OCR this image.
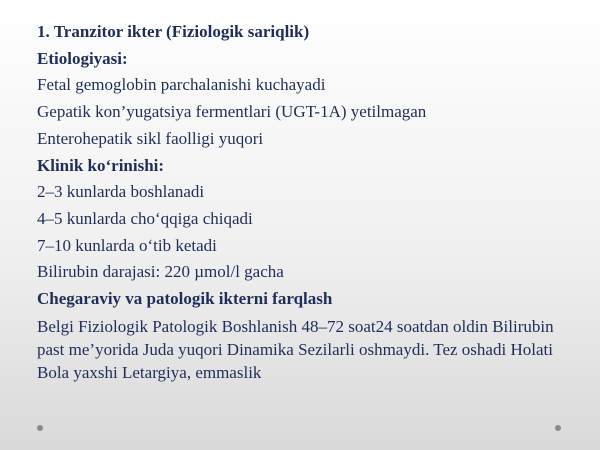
1. Tranzitor ikter (Fiziologik sariqlik)
Etiologiyasi:
Fetal gemoglobin parchalanishi kuchayadi
Gepatik kon’yugatsiya fermentlari (UGT-1A) yetilmagan
Enterohepatik sikl faolligi yuqori
Klinik ko‘rinishi:
2–3 kunlarda boshlanadi
4–5 kunlarda cho‘qqiga chiqadi
7–10 kunlarda o‘tib ketadi
Bilirubin darajasi: 220 µmol/l gacha
Chegaraviy va patologik ikterni farqlash
Belgi Fiziologik Patologik Boshlanish 48–72 soat24 soatdan oldin Bilirubin past me’yorida Juda yuqori Dinamika Sezilarli oshmaydi. Tez oshadi Holati Bola yaxshi Letargiya, emmaslik
